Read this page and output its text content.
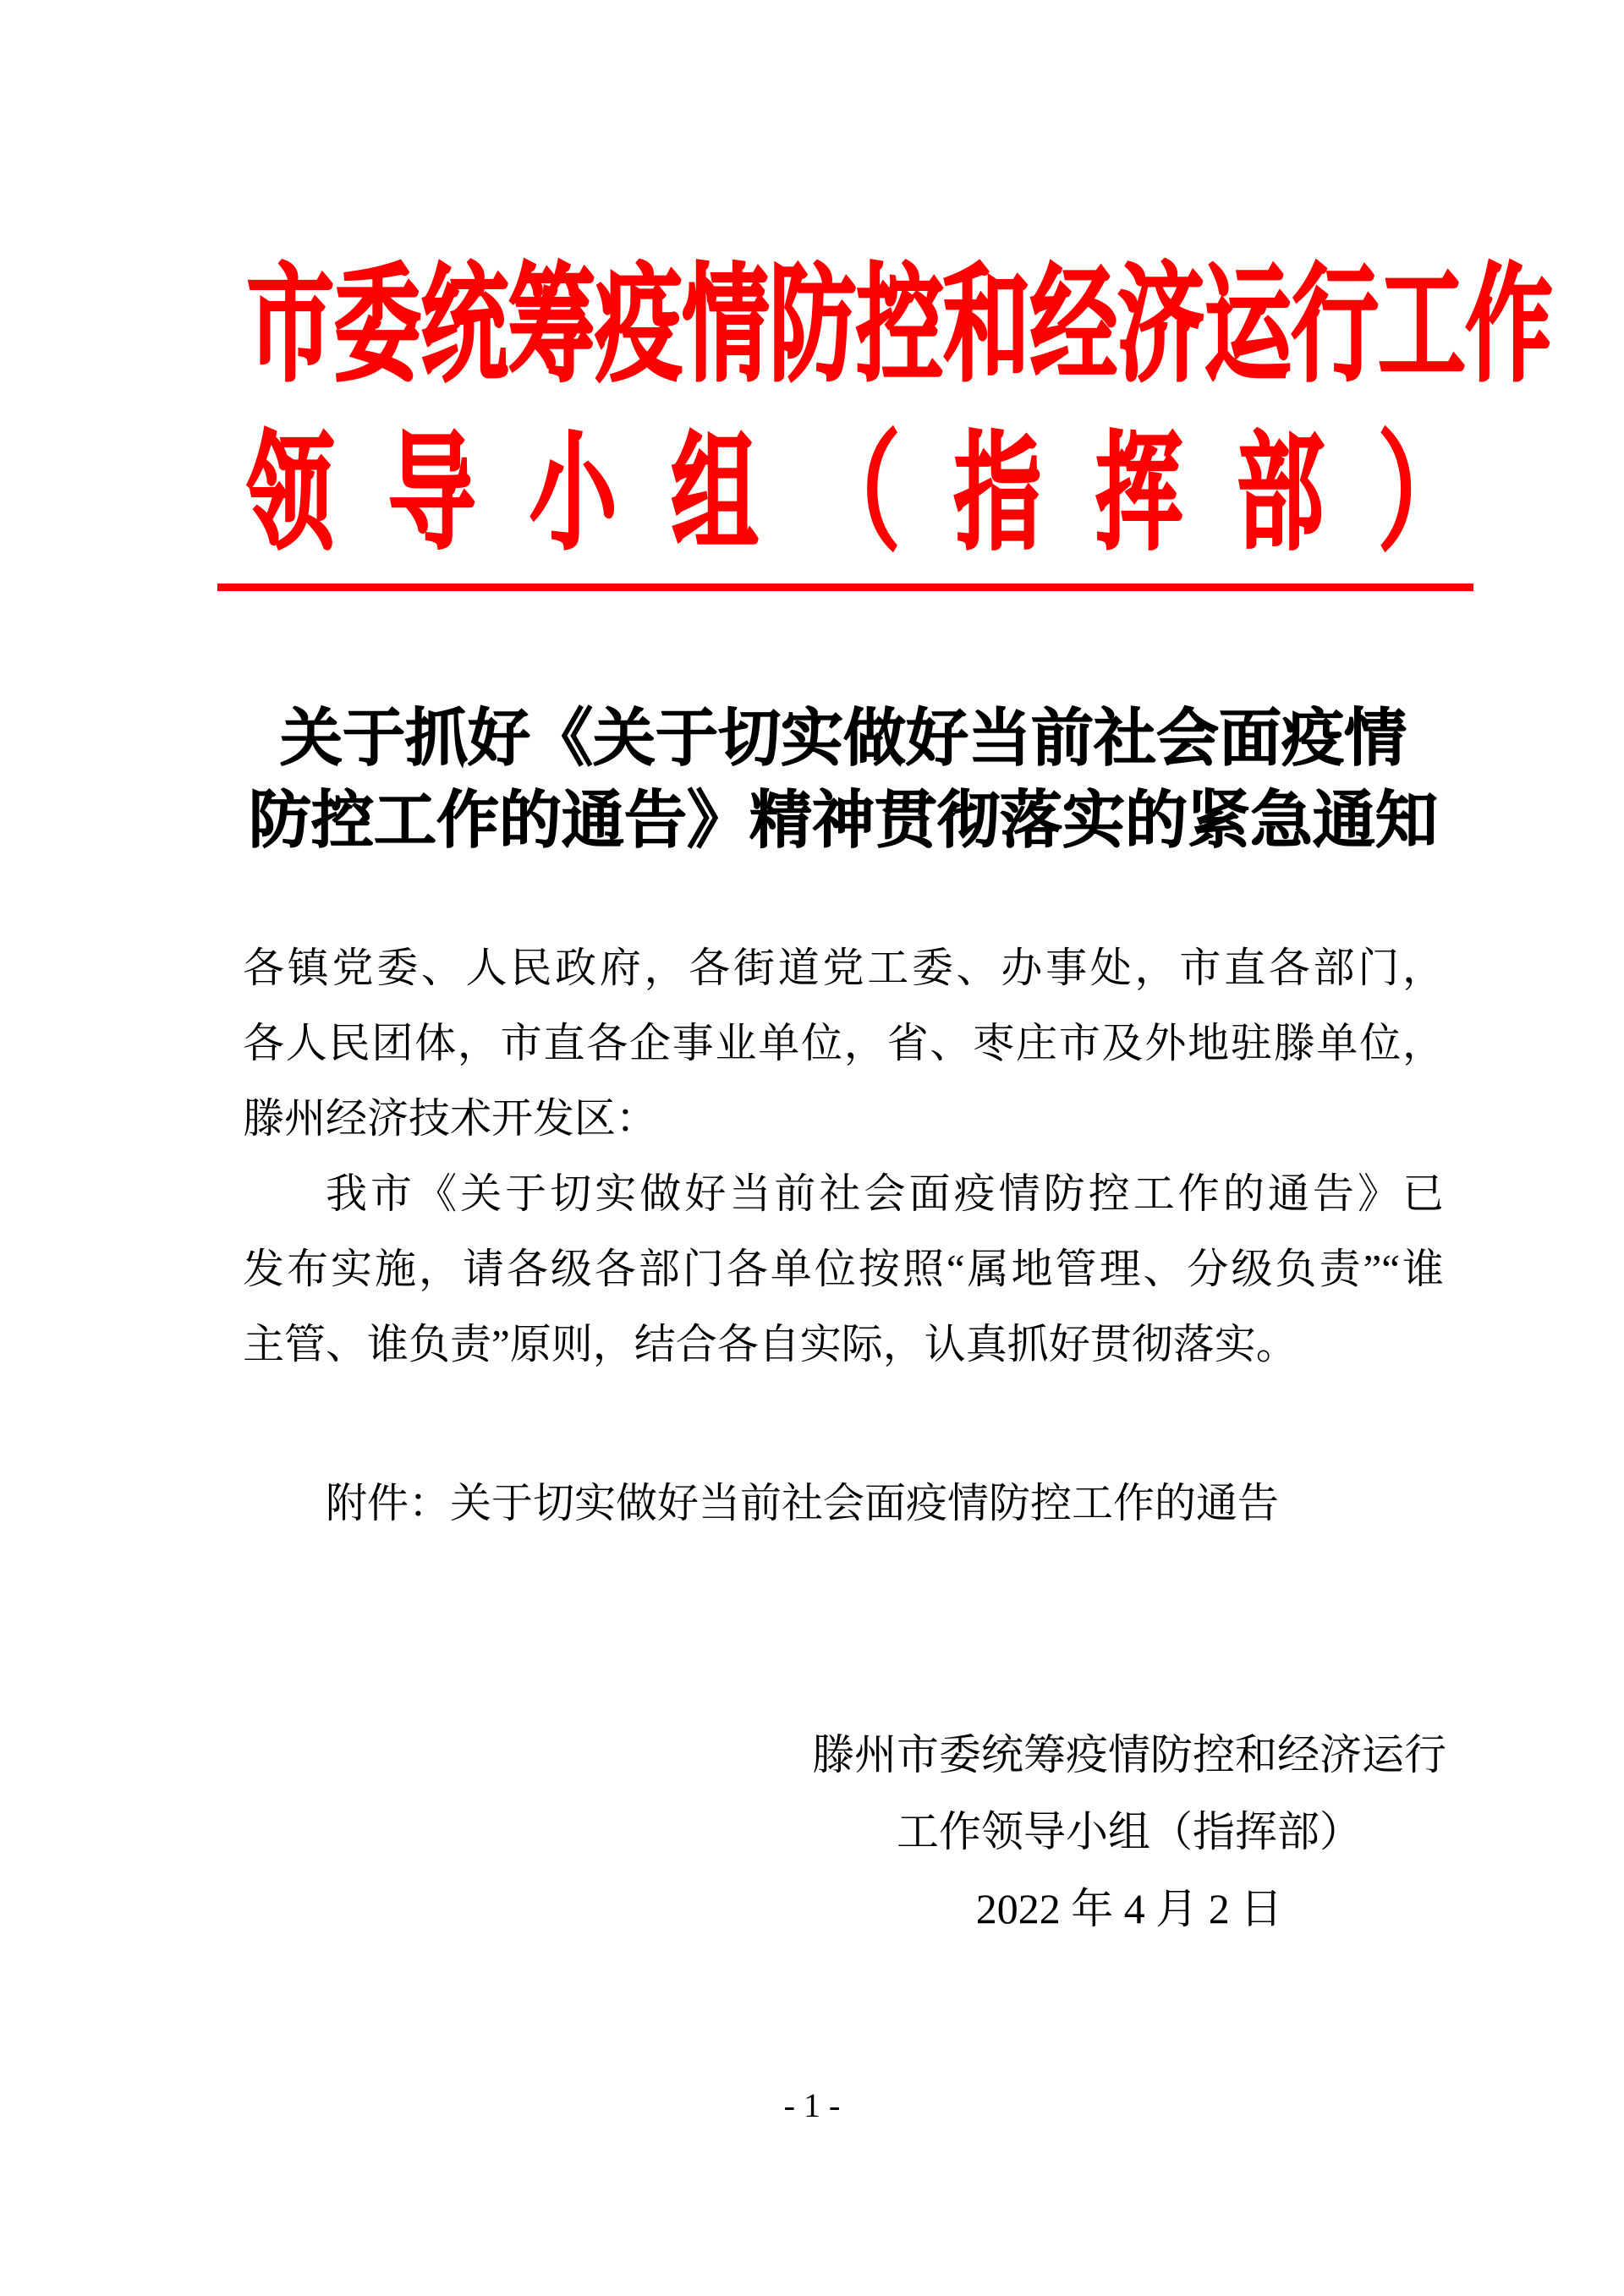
市委统筹疫情防控和经济运行工作
领 导 小 组 （ 指 挥 部 ）
关于抓好《关于切实做好当前社会面疫情
防控工作的通告》精神贯彻落实的紧急通知
各镇党委、人民政府，各街道党工委、办事处，市直各部门，
各人民团体，市直各企事业单位，省、枣庄市及外地驻滕单位，
滕州经济技术开发区：
我市《关于切实做好当前社会面疫情防控工作的通告》已
发布实施，请各级各部门各单位按照“属地管理、分级负责”“谁
主管、谁负责”原则，结合各自实际，认真抓好贯彻落实。
附件：关于切实做好当前社会面疫情防控工作的通告
滕州市委统筹疫情防控和经济运行
工作领导小组（指挥部）
2022 年 4 月 2 日
- 1 -
